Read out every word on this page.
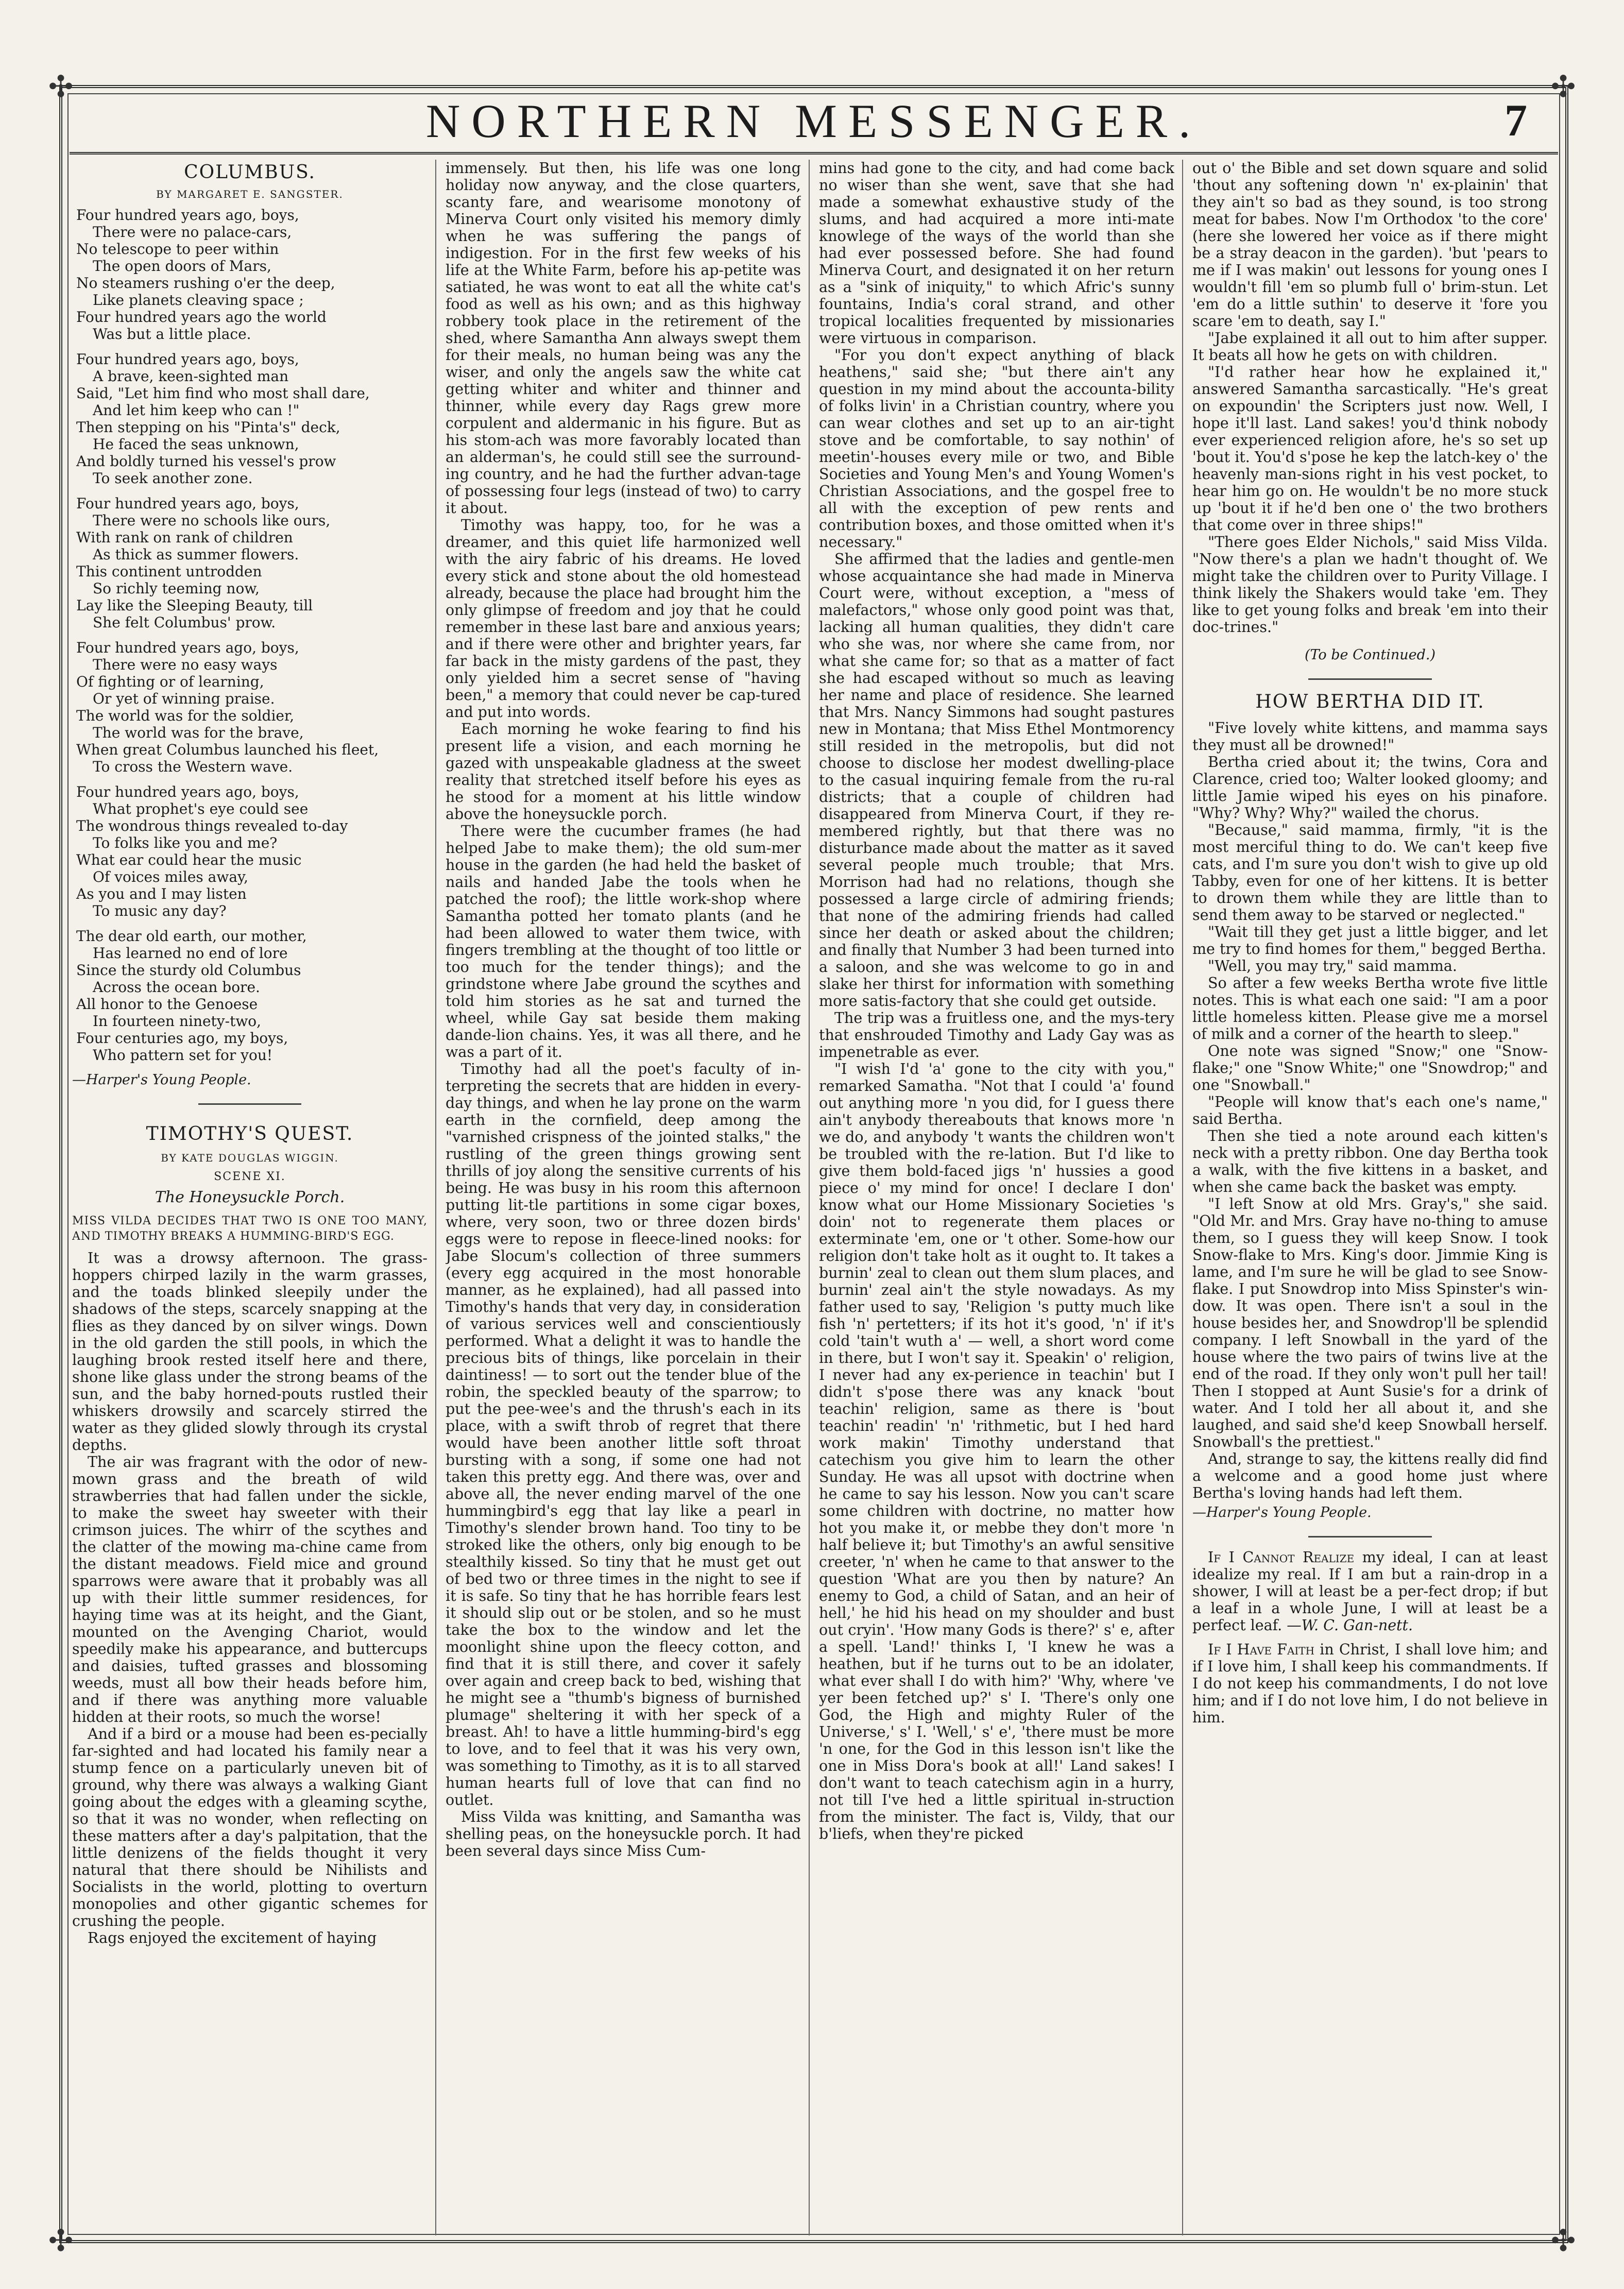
✣	✣
✣	✣
NORTHERN MESSENGER.	7
COLUMBUS.
BY MARGARET E. SANGSTER.
Four hundred years ago, boys,
There were no palace-cars,
No telescope to peer within
The open doors of Mars,
No steamers rushing o'er the deep,
Like planets cleaving space ;
Four hundred years ago the world
Was but a little place.
Four hundred years ago, boys,
A brave, keen-sighted man
Said, "Let him find who most shall dare,
And let him keep who can !"
Then stepping on his "Pinta's" deck,
He faced the seas unknown,
And boldly turned his vessel's prow
To seek another zone.
Four hundred years ago, boys,
There were no schools like ours,
With rank on rank of children
As thick as summer flowers.
This continent untrodden
So richly teeming now,
Lay like the Sleeping Beauty, till
She felt Columbus' prow.
Four hundred years ago, boys,
There were no easy ways
Of fighting or of learning,
Or yet of winning praise.
The world was for the soldier,
The world was for the brave,
When great Columbus launched his fleet,
To cross the Western wave.
Four hundred years ago, boys,
What prophet's eye could see
The wondrous things revealed to-day
To folks like you and me?
What ear could hear the music
Of voices miles away,
As you and I may listen
To music any day?
The dear old earth, our mother,
Has learned no end of lore
Since the sturdy old Columbus
Across the ocean bore.
All honor to the Genoese
In fourteen ninety-two,
Four centuries ago, my boys,
Who pattern set for you!
—Harper's Young People.
TIMOTHY'S QUEST.
BY KATE DOUGLAS WIGGIN.
SCENE XI.
The Honeysuckle Porch.
MISS VILDA DECIDES THAT TWO IS ONE TOO MANY, AND TIMOTHY BREAKS A HUMMING-BIRD'S EGG.

It was a drowsy afternoon. The grass-hoppers chirped lazily in the warm grasses, and the toads blinked sleepily under the shadows of the steps, scarcely snapping at the flies as they danced by on silver wings. Down in the old garden the still pools, in which the laughing brook rested itself here and there, shone like glass under the strong beams of the sun, and the baby horned-pouts rustled their whiskers drowsily and scarcely stirred the water as they glided slowly through its crystal depths.

The air was fragrant with the odor of new-mown grass and the breath of wild strawberries that had fallen under the sickle, to make the sweet hay sweeter with their crimson juices. The whirr of the scythes and the clatter of the mowing ma-chine came from the distant meadows. Field mice and ground sparrows were aware that it probably was all up with their little summer residences, for haying time was at its height, and the Giant, mounted on the Avenging Chariot, would speedily make his appearance, and buttercups and daisies, tufted grasses and blossoming weeds, must all bow their heads before him, and if there was anything more valuable hidden at their roots, so much the worse!

And if a bird or a mouse had been es-pecially far-sighted and had located his family near a stump fence on a particularly uneven bit of ground, why there was always a walking Giant going about the edges with a gleaming scythe, so that it was no wonder, when reflecting on these matters after a day's palpitation, that the little denizens of the fields thought it very natural that there should be Nihilists and Socialists in the world, plotting to overturn monopolies and other gigantic schemes for crushing the people.

Rags enjoyed the excitement of haying

immensely. But then, his life was one long holiday now anyway, and the close quarters, scanty fare, and wearisome monotony of Minerva Court only visited his memory dimly when he was suffering the pangs of indigestion. For in the first few weeks of his life at the White Farm, before his ap-petite was satiated, he was wont to eat all the white cat's food as well as his own; and as this highway robbery took place in the retirement of the shed, where Samantha Ann always swept them for their meals, no human being was any the wiser, and only the angels saw the white cat getting whiter and whiter and thinner and thinner, while every day Rags grew more corpulent and aldermanic in his figure. But as his stom-ach was more favorably located than an alderman's, he could still see the surround-ing country, and he had the further advan-tage of possessing four legs (instead of two) to carry it about.

Timothy was happy, too, for he was a dreamer, and this quiet life harmonized well with the airy fabric of his dreams. He loved every stick and stone about the old homestead already, because the place had brought him the only glimpse of freedom and joy that he could remember in these last bare and anxious years; and if there were other and brighter years, far far back in the misty gardens of the past, they only yielded him a secret sense of "having been," a memory that could never be cap-tured and put into words.

Each morning he woke fearing to find his present life a vision, and each morning he gazed with unspeakable gladness at the sweet reality that stretched itself before his eyes as he stood for a moment at his little window above the honeysuckle porch.

There were the cucumber frames (he had helped Jabe to make them); the old sum-mer house in the garden (he had held the basket of nails and handed Jabe the tools when he patched the roof); the little work-shop where Samantha potted her tomato plants (and he had been allowed to water them twice, with fingers trembling at the thought of too little or too much for the tender things); and the grindstone where Jabe ground the scythes and told him stories as he sat and turned the wheel, while Gay sat beside them making dande-lion chains. Yes, it was all there, and he was a part of it.

Timothy had all the poet's faculty of in-terpreting the secrets that are hidden in every-day things, and when he lay prone on the warm earth in the cornfield, deep among the "varnished crispness of the jointed stalks," the rustling of the green things growing sent thrills of joy along the sensitive currents of his being. He was busy in his room this afternoon putting lit-tle partitions in some cigar boxes, where, very soon, two or three dozen birds' eggs were to repose in fleece-lined nooks: for Jabe Slocum's collection of three summers (every egg acquired in the most honorable manner, as he explained), had all passed into Timothy's hands that very day, in consideration of various services well and conscientiously performed. What a delight it was to handle the precious bits of things, like porcelain in their daintiness! — to sort out the tender blue of the robin, the speckled beauty of the sparrow; to put the pee-wee's and the thrush's each in its place, with a swift throb of regret that there would have been another little soft throat bursting with a song, if some one had not taken this pretty egg. And there was, over and above all, the never ending marvel of the one hummingbird's egg that lay like a pearl in Timothy's slender brown hand. Too tiny to be stroked like the others, only big enough to be stealthily kissed. So tiny that he must get out of bed two or three times in the night to see if it is safe. So tiny that he has horrible fears lest it should slip out or be stolen, and so he must take the box to the window and let the moonlight shine upon the fleecy cotton, and find that it is still there, and cover it safely over again and creep back to bed, wishing that he might see a "thumb's bigness of burnished plumage" sheltering it with her speck of a breast. Ah! to have a little humming-bird's egg to love, and to feel that it was his very own, was something to Timothy, as it is to all starved human hearts full of love that can find no outlet.

Miss Vilda was knitting, and Samantha was shelling peas, on the honeysuckle porch. It had been several days since Miss Cum-

mins had gone to the city, and had come back no wiser than she went, save that she had made a somewhat exhaustive study of the slums, and had acquired a more inti-mate knowlege of the ways of the world than she had ever possessed before. She had found Minerva Court, and designated it on her return as a "sink of iniquity," to which Afric's sunny fountains, India's coral strand, and other tropical localities frequented by missionaries were virtuous in comparison.

"For you don't expect anything of black heathens," said she; "but there ain't any question in my mind about the accounta-bility of folks livin' in a Christian country, where you can wear clothes and set up to an air-tight stove and be comfortable, to say nothin' of meetin'-houses every mile or two, and Bible Societies and Young Men's and Young Women's Christian Associations, and the gospel free to all with the exception of pew rents and contribution boxes, and those omitted when it's necessary."

She affirmed that the ladies and gentle-men whose acquaintance she had made in Minerva Court were, without exception, a "mess of malefactors," whose only good point was that, lacking all human qualities, they didn't care who she was, nor where she came from, nor what she came for; so that as a matter of fact she had escaped without so much as leaving her name and place of residence. She learned that Mrs. Nancy Simmons had sought pastures new in Montana; that Miss Ethel Montmorency still resided in the metropolis, but did not choose to disclose her modest dwelling-place to the casual inquiring female from the ru-ral districts; that a couple of children had disappeared from Minerva Court, if they re-membered rightly, but that there was no disturbance made about the matter as it saved several people much trouble; that Mrs. Morrison had had no relations, though she possessed a large circle of admiring friends; that none of the admiring friends had called since her death or asked about the children; and finally that Number 3 had been turned into a saloon, and she was welcome to go in and slake her thirst for information with something more satis-factory that she could get outside.

The trip was a fruitless one, and the mys-tery that enshrouded Timothy and Lady Gay was as impenetrable as ever.

"I wish I'd 'a' gone to the city with you," remarked Samatha. "Not that I could 'a' found out anything more 'n you did, for I guess there ain't anybody thereabouts that knows more 'n we do, and anybody 't wants the children won't be troubled with the re-lation. But I'd like to give them bold-faced jigs 'n' hussies a good piece o' my mind for once! I declare I don' know what our Home Missionary Societies 's doin' not to regenerate them places or exterminate 'em, one or 't other. Some-how our religion don't take holt as it ought to. It takes a burnin' zeal to clean out them slum places, and burnin' zeal ain't the style nowadays. As my father used to say, 'Religion 's putty much like fish 'n' pertetters; if its hot it's good, 'n' if it's cold 'tain't wuth a' — well, a short word come in there, but I won't say it. Speakin' o' religion, I never had any ex-perience in teachin' but I didn't s'pose there was any knack 'bout teachin' religion, same as there is 'bout teachin' readin' 'n' 'rithmetic, but I hed hard work makin' Timothy understand that catechism you give him to learn the other Sunday. He was all upsot with doctrine when he came to say his lesson. Now you can't scare some children with doctrine, no matter how hot you make it, or mebbe they don't more 'n half believe it; but Timothy's an awful sensitive creeter, 'n' when he came to that answer to the question 'What are you then by nature? An enemy to God, a child of Satan, and an heir of hell,' he hid his head on my shoulder and bust out cryin'. 'How many Gods is there?' s' e, after a spell. 'Land!' thinks I, 'I knew he was a heathen, but if he turns out to be an idolater, what ever shall I do with him?' 'Why, where 've yer been fetched up?' s' I. 'There's only one God, the High and mighty Ruler of the Universe,' s' I. 'Well,' s' e', 'there must be more 'n one, for the God in this lesson isn't like the one in Miss Dora's book at all!' Land sakes! I don't want to teach catechism agin in a hurry, not till I've hed a little spiritual in-struction from the minister. The fact is, Vildy, that our b'liefs, when they're picked

out o' the Bible and set down square and solid 'thout any softening down 'n' ex-plainin' that they ain't so bad as they sound, is too strong meat for babes. Now I'm Orthodox 'to the core' (here she lowered her voice as if there might be a stray deacon in the garden). 'but 'pears to me if I was makin' out lessons for young ones I wouldn't fill 'em so plumb full o' brim-stun. Let 'em do a little suthin' to deserve it 'fore you scare 'em to death, say I."

"Jabe explained it all out to him after supper. It beats all how he gets on with children.

"I'd rather hear how he explained it," answered Samantha sarcastically. "He's great on expoundin' the Scripters just now. Well, I hope it'll last. Land sakes! you'd think nobody ever experienced religion afore, he's so set up 'bout it. You'd s'pose he kep the latch-key o' the heavenly man-sions right in his vest pocket, to hear him go on. He wouldn't be no more stuck up 'bout it if he'd ben one o' the two brothers that come over in three ships!"

"There goes Elder Nichols," said Miss Vilda. "Now there's a plan we hadn't thought of. We might take the children over to Purity Village. I think likely the Shakers would take 'em. They like to get young folks and break 'em into their doc-trines."

(To be Continued.)
HOW BERTHA DID IT.

"Five lovely white kittens, and mamma says they must all be drowned!"

Bertha cried about it; the twins, Cora and Clarence, cried too; Walter looked gloomy; and little Jamie wiped his eyes on his pinafore. "Why? Why? Why?" wailed the chorus.

"Because," said mamma, firmly, "it is the most merciful thing to do. We can't keep five cats, and I'm sure you don't wish to give up old Tabby, even for one of her kittens. It is better to drown them while they are little than to send them away to be starved or neglected."

"Wait till they get just a little bigger, and let me try to find homes for them," begged Bertha.

"Well, you may try," said mamma.

So after a few weeks Bertha wrote five little notes. This is what each one said: "I am a poor little homeless kitten. Please give me a morsel of milk and a corner of the hearth to sleep."

One note was signed "Snow;" one "Snow-flake;" one "Snow White;" one "Snowdrop;" and one "Snowball."

"People will know that's each one's name," said Bertha.

Then she tied a note around each kitten's neck with a pretty ribbon. One day Bertha took a walk, with the five kittens in a basket, and when she came back the basket was empty.

"I left Snow at old Mrs. Gray's," she said. "Old Mr. and Mrs. Gray have no-thing to amuse them, so I guess they will keep Snow. I took Snow-flake to Mrs. King's door. Jimmie King is lame, and I'm sure he will be glad to see Snow-flake. I put Snowdrop into Miss Spinster's win-dow. It was open. There isn't a soul in the house besides her, and Snowdrop'll be splendid company. I left Snowball in the yard of the house where the two pairs of twins live at the end of the road. If they only won't pull her tail! Then I stopped at Aunt Susie's for a drink of water. And I told her all about it, and she laughed, and said she'd keep Snowball herself. Snowball's the prettiest."

And, strange to say, the kittens really did find a welcome and a good home just where Bertha's loving hands had left them.

—Harper's Young People.

If I Cannot Realize my ideal, I can at least idealize my real. If I am but a rain-drop in a shower, I will at least be a per-fect drop; if but a leaf in a whole June, I will at least be a perfect leaf. —W. C. Gan-nett.

If I Have Faith in Christ, I shall love him; and if I love him, I shall keep his commandments. If I do not keep his commandments, I do not love him; and if I do not love him, I do not believe in him.
